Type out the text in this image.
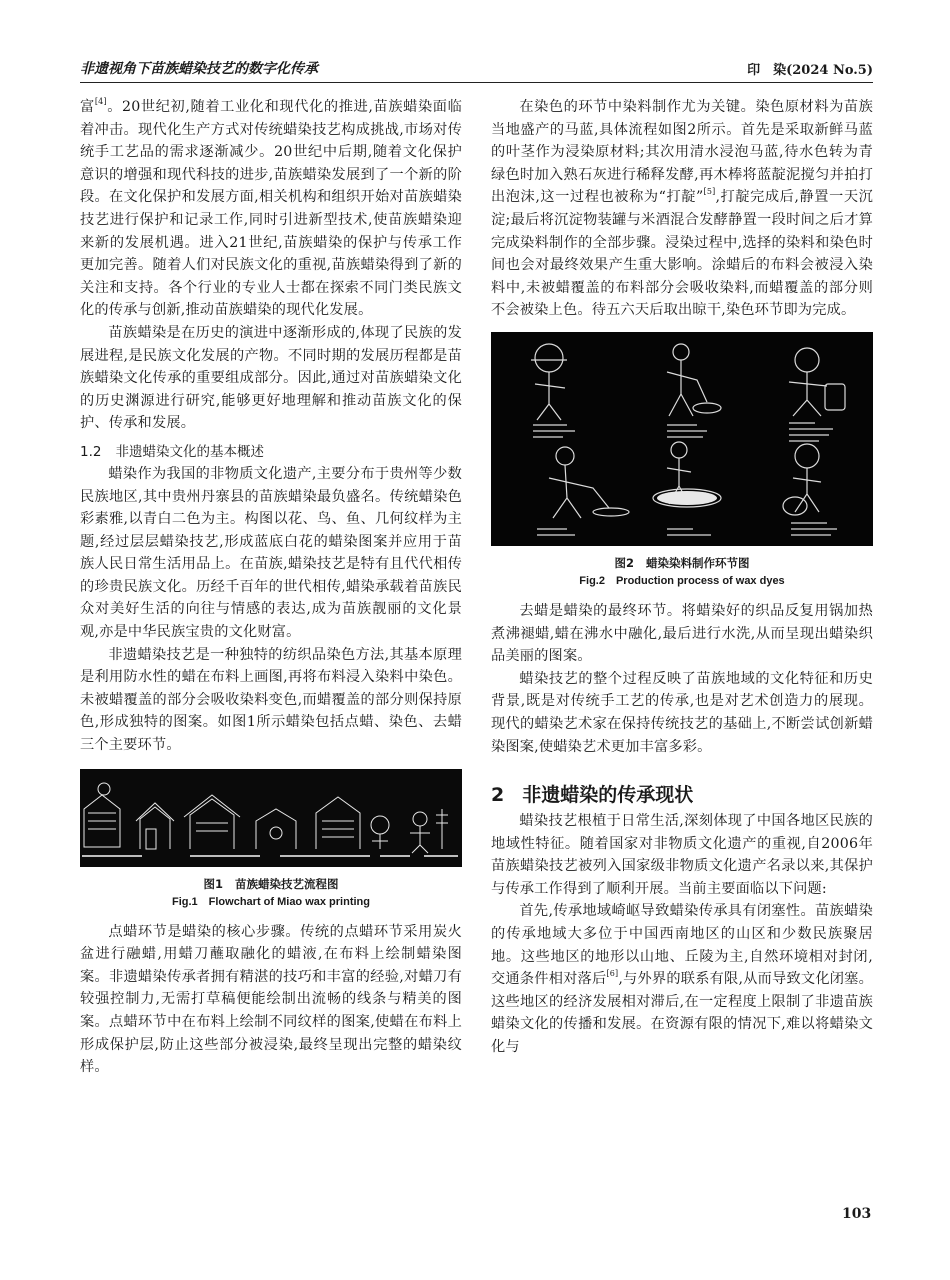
非遗视角下苗族蜡染技艺的数字化传承	印　染(2024 No.5)

富[4]。20世纪初,随着工业化和现代化的推进,苗族蜡染面临着冲击。现代化生产方式对传统蜡染技艺构成挑战,市场对传统手工艺品的需求逐渐减少。20世纪中后期,随着文化保护意识的增强和现代科技的进步,苗族蜡染发展到了一个新的阶段。在文化保护和发展方面,相关机构和组织开始对苗族蜡染技艺进行保护和记录工作,同时引进新型技术,使苗族蜡染迎来新的发展机遇。进入21世纪,苗族蜡染的保护与传承工作更加完善。随着人们对民族文化的重视,苗族蜡染得到了新的关注和支持。各个行业的专业人士都在探索不同门类民族文化的传承与创新,推动苗族蜡染的现代化发展。

苗族蜡染是在历史的演进中逐渐形成的,体现了民族的发展进程,是民族文化发展的产物。不同时期的发展历程都是苗族蜡染文化传承的重要组成部分。因此,通过对苗族蜡染文化的历史渊源进行研究,能够更好地理解和推动苗族文化的保护、传承和发展。

1.2 非遗蜡染文化的基本概述

蜡染作为我国的非物质文化遗产,主要分布于贵州等少数民族地区,其中贵州丹寨县的苗族蜡染最负盛名。传统蜡染色彩素雅,以青白二色为主。构图以花、鸟、鱼、几何纹样为主题,经过层层蜡染技艺,形成蓝底白花的蜡染图案并应用于苗族人民日常生活用品上。在苗族,蜡染技艺是特有且代代相传的珍贵民族文化。历经千百年的世代相传,蜡染承载着苗族民众对美好生活的向往与情感的表达,成为苗族靓丽的文化景观,亦是中华民族宝贵的文化财富。

非遗蜡染技艺是一种独特的纺织品染色方法,其基本原理是利用防水性的蜡在布料上画图,再将布料浸入染料中染色。未被蜡覆盖的部分会吸收染料变色,而蜡覆盖的部分则保持原色,形成独特的图案。如图1所示蜡染包括点蜡、染色、去蜡三个主要环节。

图1 苗族蜡染技艺流程图
Fig.1　Flowchart of Miao wax printing

点蜡环节是蜡染的核心步骤。传统的点蜡环节采用炭火盆进行融蜡,用蜡刀蘸取融化的蜡液,在布料上绘制蜡染图案。非遗蜡染传承者拥有精湛的技巧和丰富的经验,对蜡刀有较强控制力,无需打草稿便能绘制出流畅的线条与精美的图案。点蜡环节中在布料上绘制不同纹样的图案,使蜡在布料上形成保护层,防止这些部分被浸染,最终呈现出完整的蜡染纹样。

在染色的环节中染料制作尤为关键。染色原材料为苗族当地盛产的马蓝,具体流程如图2所示。首先是采取新鲜马蓝的叶茎作为浸染原材料;其次用清水浸泡马蓝,待水色转为青绿色时加入熟石灰进行稀释发酵,再木棒将蓝靛泥搅匀并拍打出泡沫,这一过程也被称为“打靛”[5],打靛完成后,静置一天沉淀;最后将沉淀物装罐与米酒混合发酵静置一段时间之后才算完成染料制作的全部步骤。浸染过程中,选择的染料和染色时间也会对最终效果产生重大影响。涂蜡后的布料会被浸入染料中,未被蜡覆盖的布料部分会吸收染料,而蜡覆盖的部分则不会被染上色。待五六天后取出晾干,染色环节即为完成。

图2 蜡染染料制作环节图
Fig.2　Production process of wax dyes

去蜡是蜡染的最终环节。将蜡染好的织品反复用锅加热煮沸褪蜡,蜡在沸水中融化,最后进行水洗,从而呈现出蜡染织品美丽的图案。

蜡染技艺的整个过程反映了苗族地域的文化特征和历史背景,既是对传统手工艺的传承,也是对艺术创造力的展现。现代的蜡染艺术家在保持传统技艺的基础上,不断尝试创新蜡染图案,使蜡染艺术更加丰富多彩。

2 非遗蜡染的传承现状

蜡染技艺根植于日常生活,深刻体现了中国各地区民族的地域性特征。随着国家对非物质文化遗产的重视,自2006年苗族蜡染技艺被列入国家级非物质文化遗产名录以来,其保护与传承工作得到了顺利开展。当前主要面临以下问题:

首先,传承地域崎岖导致蜡染传承具有闭塞性。苗族蜡染的传承地域大多位于中国西南地区的山区和少数民族聚居地。这些地区的地形以山地、丘陵为主,自然环境相对封闭,交通条件相对落后[6],与外界的联系有限,从而导致文化闭塞。这些地区的经济发展相对滞后,在一定程度上限制了非遗苗族蜡染文化的传播和发展。在资源有限的情况下,难以将蜡染文化与

103
